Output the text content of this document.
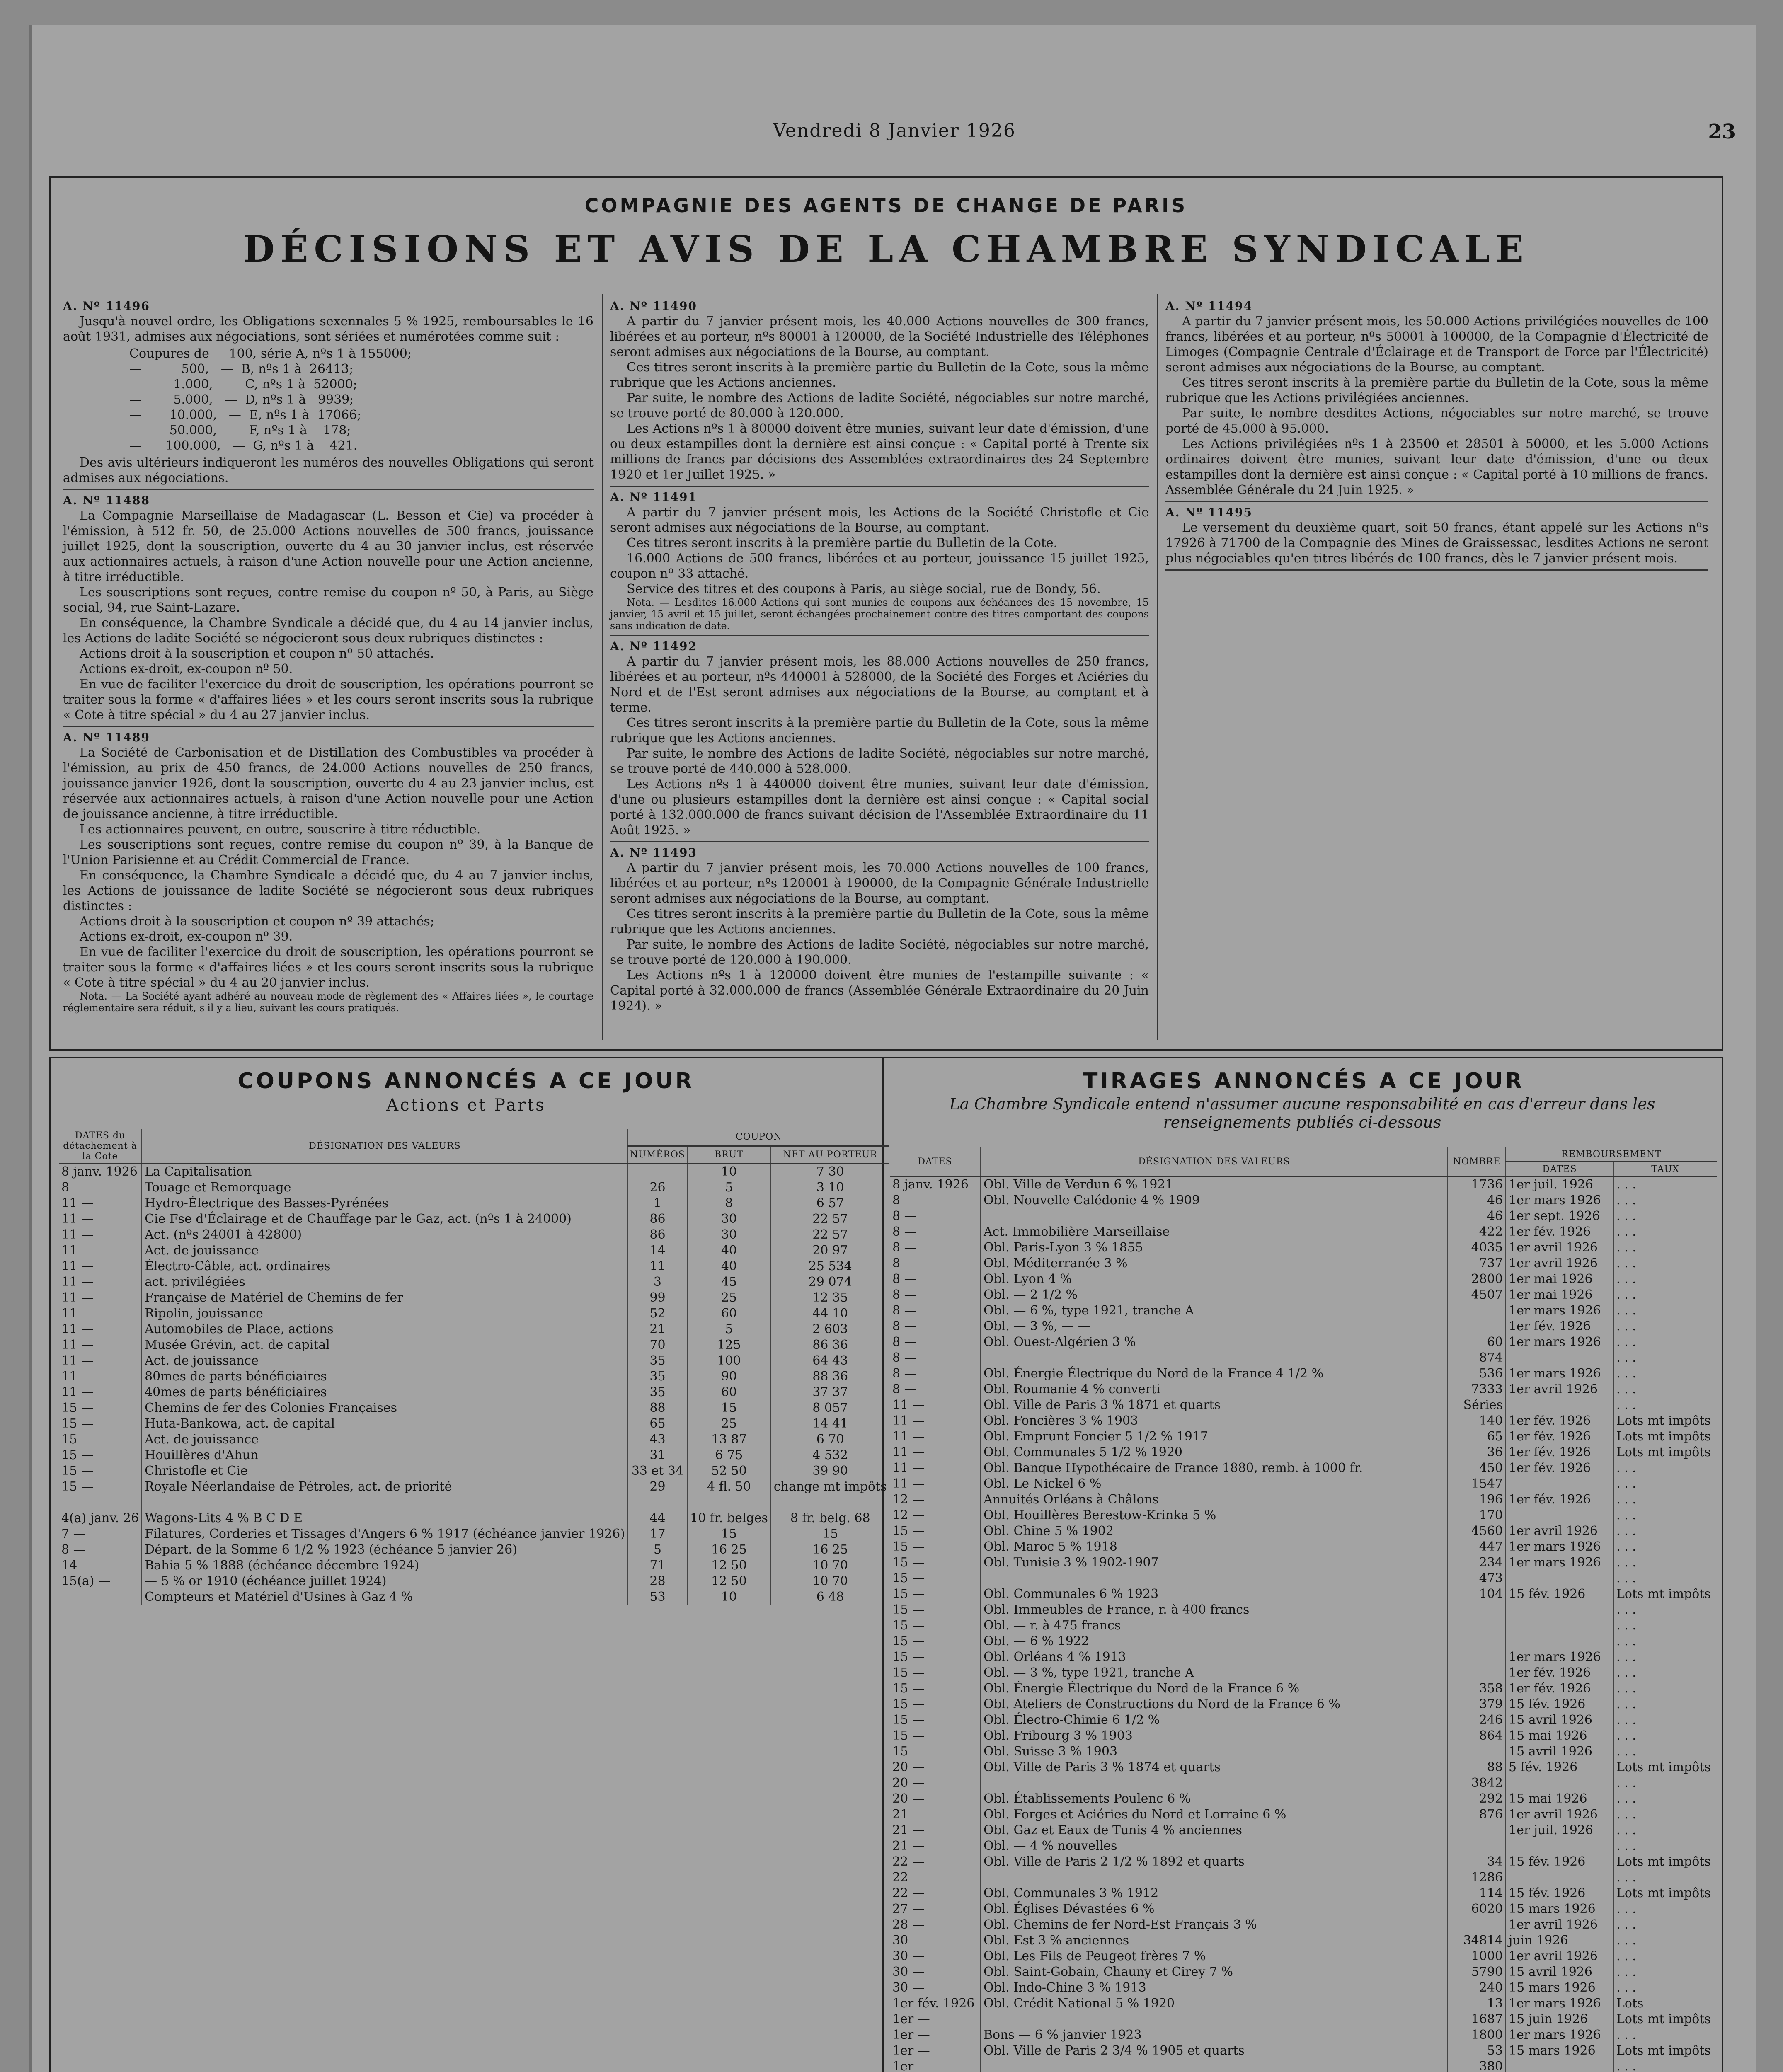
Vendredi 8 Janvier 1926	23
COMPAGNIE DES AGENTS DE CHANGE DE PARIS
DÉCISIONS ET AVIS DE LA CHAMBRE SYNDICALE

A. Nº 11496

Jusqu'à nouvel ordre, les Obligations sexennales 5 % 1925, remboursables le 16 août 1931, admises aux négociations, sont sériées et numérotées comme suit :

Coupures de     100, série A, nºs 1 à 155000;
—          500,   —  B, nºs 1 à  26413;
—        1.000,   —  C, nºs 1 à  52000;
—        5.000,   —  D, nºs 1 à   9939;
—       10.000,   —  E, nºs 1 à  17066;
—       50.000,   —  F, nºs 1 à    178;
—      100.000,   —  G, nºs 1 à    421.

Des avis ultérieurs indiqueront les numéros des nouvelles Obligations qui seront admises aux négociations.

A. Nº 11488

La Compagnie Marseillaise de Madagascar (L. Besson et Cie) va procéder à l'émission, à 512 fr. 50, de 25.000 Actions nouvelles de 500 francs, jouissance juillet 1925, dont la souscription, ouverte du 4 au 30 janvier inclus, est réservée aux actionnaires actuels, à raison d'une Action nouvelle pour une Action ancienne, à titre irréductible.

Les souscriptions sont reçues, contre remise du coupon nº 50, à Paris, au Siège social, 94, rue Saint-Lazare.

En conséquence, la Chambre Syndicale a décidé que, du 4 au 14 janvier inclus, les Actions de ladite Société se négocieront sous deux rubriques distinctes :

Actions droit à la souscription et coupon nº 50 attachés.

Actions ex-droit, ex-coupon nº 50.

En vue de faciliter l'exercice du droit de souscription, les opérations pourront se traiter sous la forme « d'affaires liées » et les cours seront inscrits sous la rubrique « Cote à titre spécial » du 4 au 27 janvier inclus.

A. Nº 11489

La Société de Carbonisation et de Distillation des Combustibles va procéder à l'émission, au prix de 450 francs, de 24.000 Actions nouvelles de 250 francs, jouissance janvier 1926, dont la souscription, ouverte du 4 au 23 janvier inclus, est réservée aux actionnaires actuels, à raison d'une Action nouvelle pour une Action de jouissance ancienne, à titre irréductible.

Les actionnaires peuvent, en outre, souscrire à titre réductible.

Les souscriptions sont reçues, contre remise du coupon nº 39, à la Banque de l'Union Parisienne et au Crédit Commercial de France.

En conséquence, la Chambre Syndicale a décidé que, du 4 au 7 janvier inclus, les Actions de jouissance de ladite Société se négocieront sous deux rubriques distinctes :

Actions droit à la souscription et coupon nº 39 attachés;

Actions ex-droit, ex-coupon nº 39.

En vue de faciliter l'exercice du droit de souscription, les opérations pourront se traiter sous la forme « d'affaires liées » et les cours seront inscrits sous la rubrique « Cote à titre spécial » du 4 au 20 janvier inclus.

Nota. — La Société ayant adhéré au nouveau mode de règlement des « Affaires liées », le courtage réglementaire sera réduit, s'il y a lieu, suivant les cours pratiqués.

A. Nº 11490

A partir du 7 janvier présent mois, les 40.000 Actions nouvelles de 300 francs, libérées et au porteur, nºs 80001 à 120000, de la Société Industrielle des Téléphones seront admises aux négociations de la Bourse, au comptant.

Ces titres seront inscrits à la première partie du Bulletin de la Cote, sous la même rubrique que les Actions anciennes.

Par suite, le nombre des Actions de ladite Société, négociables sur notre marché, se trouve porté de 80.000 à 120.000.

Les Actions nºs 1 à 80000 doivent être munies, suivant leur date d'émission, d'une ou deux estampilles dont la dernière est ainsi conçue : « Capital porté à Trente six millions de francs par décisions des Assemblées extraordinaires des 24 Septembre 1920 et 1er Juillet 1925. »

A. Nº 11491

A partir du 7 janvier présent mois, les Actions de la Société Christofle et Cie seront admises aux négociations de la Bourse, au comptant.

Ces titres seront inscrits à la première partie du Bulletin de la Cote.

16.000 Actions de 500 francs, libérées et au porteur, jouissance 15 juillet 1925, coupon nº 33 attaché.

Service des titres et des coupons à Paris, au siège social, rue de Bondy, 56.

Nota. — Lesdites 16.000 Actions qui sont munies de coupons aux échéances des 15 novembre, 15 janvier, 15 avril et 15 juillet, seront échangées prochainement contre des titres comportant des coupons sans indication de date.

A. Nº 11492

A partir du 7 janvier présent mois, les 88.000 Actions nouvelles de 250 francs, libérées et au porteur, nºs 440001 à 528000, de la Société des Forges et Aciéries du Nord et de l'Est seront admises aux négociations de la Bourse, au comptant et à terme.

Ces titres seront inscrits à la première partie du Bulletin de la Cote, sous la même rubrique que les Actions anciennes.

Par suite, le nombre des Actions de ladite Société, négociables sur notre marché, se trouve porté de 440.000 à 528.000.

Les Actions nºs 1 à 440000 doivent être munies, suivant leur date d'émission, d'une ou plusieurs estampilles dont la dernière est ainsi conçue : « Capital social porté à 132.000.000 de francs suivant décision de l'Assemblée Extraordinaire du 11 Août 1925. »

A. Nº 11493

A partir du 7 janvier présent mois, les 70.000 Actions nouvelles de 100 francs, libérées et au porteur, nºs 120001 à 190000, de la Compagnie Générale Industrielle seront admises aux négociations de la Bourse, au comptant.

Ces titres seront inscrits à la première partie du Bulletin de la Cote, sous la même rubrique que les Actions anciennes.

Par suite, le nombre des Actions de ladite Société, négociables sur notre marché, se trouve porté de 120.000 à 190.000.

Les Actions nºs 1 à 120000 doivent être munies de l'estampille suivante : « Capital porté à 32.000.000 de francs (Assemblée Générale Extraordinaire du 20 Juin 1924). »

A. Nº 11494

A partir du 7 janvier présent mois, les 50.000 Actions privilégiées nouvelles de 100 francs, libérées et au porteur, nºs 50001 à 100000, de la Compagnie d'Électricité de Limoges (Compagnie Centrale d'Éclairage et de Transport de Force par l'Électricité) seront admises aux négociations de la Bourse, au comptant.

Ces titres seront inscrits à la première partie du Bulletin de la Cote, sous la même rubrique que les Actions privilégiées anciennes.

Par suite, le nombre desdites Actions, négociables sur notre marché, se trouve porté de 45.000 à 95.000.

Les Actions privilégiées nºs 1 à 23500 et 28501 à 50000, et les 5.000 Actions ordinaires doivent être munies, suivant leur date d'émission, d'une ou deux estampilles dont la dernière est ainsi conçue : « Capital porté à 10 millions de francs. Assemblée Générale du 24 Juin 1925. »

A. Nº 11495

Le versement du deuxième quart, soit 50 francs, étant appelé sur les Actions nºs 17926 à 71700 de la Compagnie des Mines de Graissessac, lesdites Actions ne seront plus négociables qu'en titres libérés de 100 francs, dès le 7 janvier présent mois.

COUPONS ANNONCÉS A CE JOUR
Actions et Parts
TIRAGES ANNONCÉS A CE JOUR
La Chambre Syndicale entend n'assumer aucune responsabilité en cas d'erreur dans les renseignements publiés ci-dessous
DATES du détachement à la Cote	DÉSIGNATION DES VALEURS	COUPON		
		NUMÉROS	BRUT	NET AU PORTEUR
8 janv. 1926	La Capitalisation		10	7 30
8 —	Touage et Remorquage	26	5	3 10
11 —	Hydro-Électrique des Basses-Pyrénées	1	8	6 57
11 —	Cie Fse d'Éclairage et de Chauffage par le Gaz, act. (nºs 1 à 24000)	86	30	22 57
11 —	Act. (nºs 24001 à 42800)	86	30	22 57
11 —	Act. de jouissance	14	40	20 97
11 —	Électro-Câble, act. ordinaires	11	40	25 534
11 —	act. privilégiées	3	45	29 074
11 —	Française de Matériel de Chemins de fer	99	25	12 35
11 —	Ripolin, jouissance	52	60	44 10
11 —	Automobiles de Place, actions	21	5	2 603
11 —	Musée Grévin, act. de capital	70	125	86 36
11 —	Act. de jouissance	35	100	64 43
11 —	80mes de parts bénéficiaires	35	90	88 36
11 —	40mes de parts bénéficiaires	35	60	37 37
15 —	Chemins de fer des Colonies Françaises	88	15	8 057
15 —	Huta-Bankowa, act. de capital	65	25	14 41
15 —	Act. de jouissance	43	13 87	6 70
15 —	Houillères d'Ahun	31	6 75	4 532
15 —	Christofle et Cie	33 et 34	52 50	39 90
15 —	Royale Néerlandaise de Pétroles, act. de priorité	29	4 fl. 50	change mt impôts

4(a) janv. 26	Wagons-Lits 4 % B C D E	44	10 fr. belges	8 fr. belg. 68
7 —	Filatures, Corderies et Tissages d'Angers 6 % 1917 (échéance janvier 1926)	17	15	15
8 —	Départ. de la Somme 6 1/2 % 1923 (échéance 5 janvier 26)	5	16 25	16 25
14 —	Bahia 5 % 1888 (échéance décembre 1924)	71	12 50	10 70
15(a) —	— 5 % or 1910 (échéance juillet 1924)	28	12 50	10 70
	Compteurs et Matériel d'Usines à Gaz 4 %	53	10	6 48
DATES	DÉSIGNATION DES VALEURS	NOMBRE	REMBOURSEMENT	
			DATES	TAUX
8 janv. 1926	Obl. Ville de Verdun 6 % 1921	1736	1er juil. 1926	. . .
8 —	Obl. Nouvelle Calédonie 4 % 1909	46	1er mars 1926	. . .
8 —		46	1er sept. 1926	. . .
8 —	Act. Immobilière Marseillaise	422	1er fév. 1926	. . .
8 —	Obl. Paris-Lyon 3 % 1855	4035	1er avril 1926	. . .
8 —	Obl. Méditerranée 3 %	737	1er avril 1926	. . .
8 —	Obl. Lyon 4 %	2800	1er mai 1926	. . .
8 —	Obl. — 2 1/2 %	4507	1er mai 1926	. . .
8 —	Obl. — 6 %, type 1921, tranche A		1er mars 1926	. . .
8 —	Obl. — 3 %, — —		1er fév. 1926	. . .
8 —	Obl. Ouest-Algérien 3 %	60	1er mars 1926	. . .
8 —		874		. . .
8 —	Obl. Énergie Électrique du Nord de la France 4 1/2 %	536	1er mars 1926	. . .
8 —	Obl. Roumanie 4 % converti	7333	1er avril 1926	. . .
11 —	Obl. Ville de Paris 3 % 1871 et quarts	Séries		. . .
11 —	Obl. Foncières 3 % 1903	140	1er fév. 1926	Lots mt impôts
11 —	Obl. Emprunt Foncier 5 1/2 % 1917	65	1er fév. 1926	Lots mt impôts
11 —	Obl. Communales 5 1/2 % 1920	36	1er fév. 1926	Lots mt impôts
11 —	Obl. Banque Hypothécaire de France 1880, remb. à 1000 fr.	450	1er fév. 1926	. . .
11 —	Obl. Le Nickel 6 %	1547		. . .
12 —	Annuités Orléans à Châlons	196	1er fév. 1926	. . .
12 —	Obl. Houillères Berestow-Krinka 5 %	170		. . .
15 —	Obl. Chine 5 % 1902	4560	1er avril 1926	. . .
15 —	Obl. Maroc 5 % 1918	447	1er mars 1926	. . .
15 —	Obl. Tunisie 3 % 1902-1907	234	1er mars 1926	. . .
15 —		473		. . .
15 —	Obl. Communales 6 % 1923	104	15 fév. 1926	Lots mt impôts
15 —	Obl. Immeubles de France, r. à 400 francs			. . .
15 —	Obl. — r. à 475 francs			. . .
15 —	Obl. — 6 % 1922			. . .
15 —	Obl. Orléans 4 % 1913		1er mars 1926	. . .
15 —	Obl. — 3 %, type 1921, tranche A		1er fév. 1926	. . .
15 —	Obl. Énergie Électrique du Nord de la France 6 %	358	1er fév. 1926	. . .
15 —	Obl. Ateliers de Constructions du Nord de la France 6 %	379	15 fév. 1926	. . .
15 —	Obl. Électro-Chimie 6 1/2 %	246	15 avril 1926	. . .
15 —	Obl. Fribourg 3 % 1903	864	15 mai 1926	. . .
15 —	Obl. Suisse 3 % 1903		15 avril 1926	. . .
20 —	Obl. Ville de Paris 3 % 1874 et quarts	88	5 fév. 1926	Lots mt impôts
20 —		3842		. . .
20 —	Obl. Établissements Poulenc 6 %	292	15 mai 1926	. . .
21 —	Obl. Forges et Aciéries du Nord et Lorraine 6 %	876	1er avril 1926	. . .
21 —	Obl. Gaz et Eaux de Tunis 4 % anciennes		1er juil. 1926	. . .
21 —	Obl. — 4 % nouvelles			. . .
22 —	Obl. Ville de Paris 2 1/2 % 1892 et quarts	34	15 fév. 1926	Lots mt impôts
22 —		1286		. . .
22 —	Obl. Communales 3 % 1912	114	15 fév. 1926	Lots mt impôts
27 —	Obl. Églises Dévastées 6 %	6020	15 mars 1926	. . .
28 —	Obl. Chemins de fer Nord-Est Français 3 %		1er avril 1926	. . .
30 —	Obl. Est 3 % anciennes	34814	juin 1926	. . .
30 —	Obl. Les Fils de Peugeot frères 7 %	1000	1er avril 1926	. . .
30 —	Obl. Saint-Gobain, Chauny et Cirey 7 %	5790	15 avril 1926	. . .
30 —	Obl. Indo-Chine 3 % 1913	240	15 mars 1926	. . .
1er fév. 1926	Obl. Crédit National 5 % 1920	13	1er mars 1926	Lots
1er —		1687	15 juin 1926	Lots mt impôts
1er —	Bons — 6 % janvier 1923	1800	1er mars 1926	. . .
1er —	Obl. Ville de Paris 2 3/4 % 1905 et quarts	53	15 mars 1926	Lots mt impôts
1er —		380		. . .
